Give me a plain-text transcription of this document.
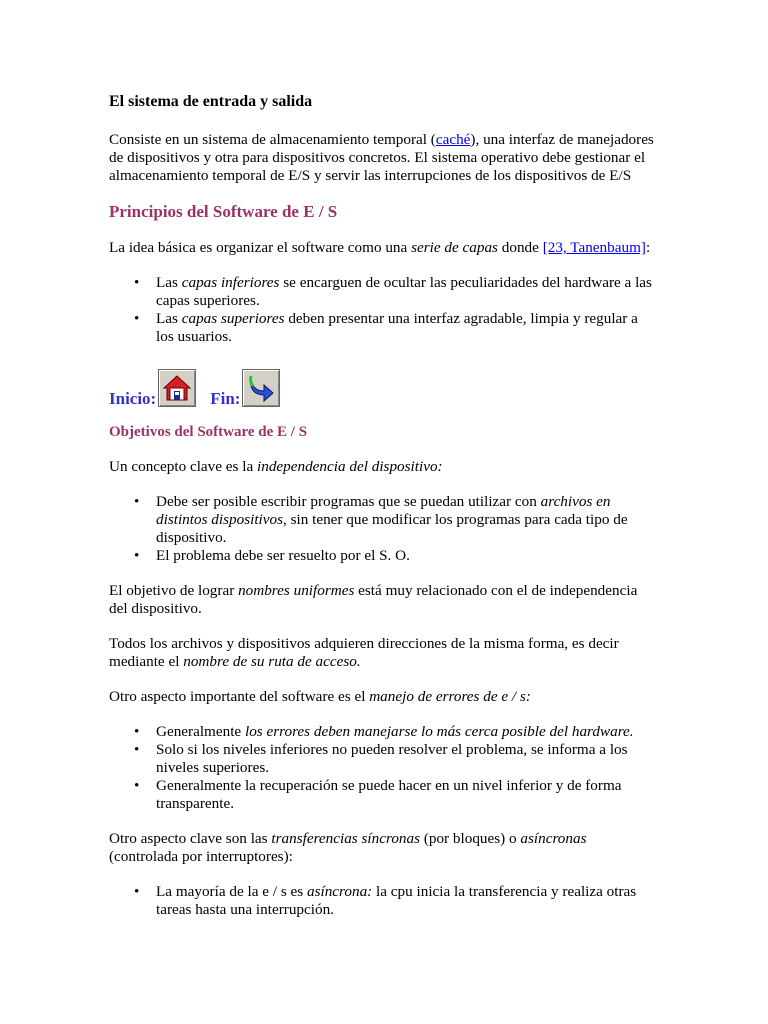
El sistema de entrada y salida

Consiste en un sistema de almacenamiento temporal (caché), una interfaz de manejadores de dispositivos y otra para dispositivos concretos. El sistema operativo debe gestionar el almacenamiento temporal de E/S y servir las interrupciones de los dispositivos de E/S

Principios del Software de E / S

La idea básica es organizar el software como una serie de capas donde [23, Tanenbaum]:

• Las capas inferiores se encarguen de ocultar las peculiaridades del hardware a las capas superiores.
• Las capas superiores deben presentar una interfaz agradable, limpia y regular a los usuarios.
Inicio:	Fin:
Objetivos del Software de E / S

Un concepto clave es la independencia del dispositivo:

• Debe ser posible escribir programas que se puedan utilizar con archivos en distintos dispositivos, sin tener que modificar los programas para cada tipo de dispositivo.
• El problema debe ser resuelto por el S. O.

El objetivo de lograr nombres uniformes está muy relacionado con el de independencia del dispositivo.

Todos los archivos y dispositivos adquieren direcciones de la misma forma, es decir mediante el nombre de su ruta de acceso.

Otro aspecto importante del software es el manejo de errores de e / s:

• Generalmente los errores deben manejarse lo más cerca posible del hardware.
• Solo si los niveles inferiores no pueden resolver el problema, se informa a los niveles superiores.
• Generalmente la recuperación se puede hacer en un nivel inferior y de forma transparente.

Otro aspecto clave son las transferencias síncronas (por bloques) o asíncronas (controlada por interruptores):

• La mayoría de la e / s es asíncrona: la cpu inicia la transferencia y realiza otras tareas hasta una interrupción.
